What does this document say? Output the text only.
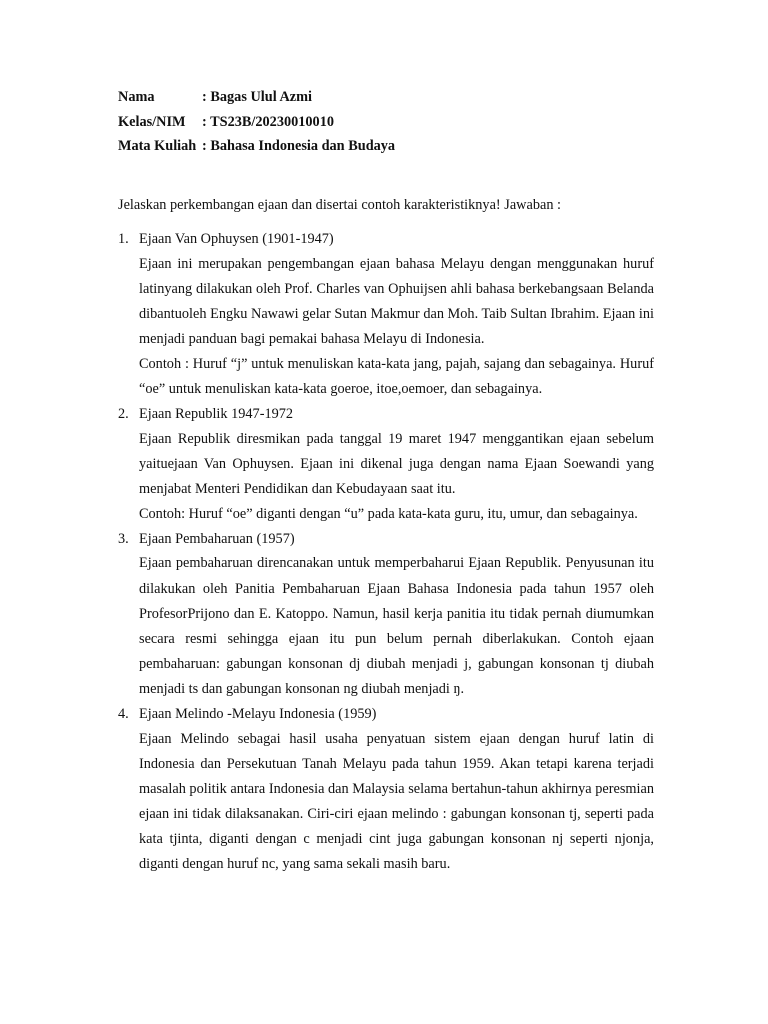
Nama	: Bagas Ulul Azmi
Kelas/NIM	: TS23B/20230010010
Mata Kuliah : Bahasa Indonesia dan Budaya
Jelaskan perkembangan ejaan dan disertai contoh karakteristiknya! Jawaban :
1. Ejaan Van Ophuysen (1901-1947)

Ejaan ini merupakan pengembangan ejaan bahasa Melayu dengan menggunakan huruf latinyang dilakukan oleh Prof. Charles van Ophuijsen ahli bahasa berkebangsaan Belanda dibantuoleh Engku Nawawi gelar Sutan Makmur dan Moh. Taib Sultan Ibrahim. Ejaan ini menjadi panduan bagi pemakai bahasa Melayu di Indonesia.

Contoh : Huruf “j” untuk menuliskan kata-kata jang, pajah, sajang dan sebagainya. Huruf “oe” untuk menuliskan kata-kata goeroe, itoe,oemoer, dan sebagainya.

2. Ejaan Republik 1947-1972

Ejaan Republik diresmikan pada tanggal 19 maret 1947 menggantikan ejaan sebelum yaituejaan Van Ophuysen. Ejaan ini dikenal juga dengan nama Ejaan Soewandi yang menjabat Menteri Pendidikan dan Kebudayaan saat itu.

Contoh: Huruf “oe” diganti dengan “u” pada kata-kata guru, itu, umur, dan sebagainya.

3. Ejaan Pembaharuan (1957)

Ejaan pembaharuan direncanakan untuk memperbaharui Ejaan Republik. Penyusunan itu dilakukan oleh Panitia Pembaharuan Ejaan Bahasa Indonesia pada tahun 1957 oleh ProfesorPrijono dan E. Katoppo. Namun, hasil kerja panitia itu tidak pernah diumumkan secara resmi sehingga ejaan itu pun belum pernah diberlakukan. Contoh ejaan pembaharuan: gabungan konsonan dj diubah menjadi j, gabungan konsonan tj diubah menjadi ts dan gabungan konsonan ng diubah menjadi ŋ.

4. Ejaan Melindo -Melayu Indonesia (1959)

Ejaan Melindo sebagai hasil usaha penyatuan sistem ejaan dengan huruf latin di Indonesia dan Persekutuan Tanah Melayu pada tahun 1959. Akan tetapi karena terjadi masalah politik antara Indonesia dan Malaysia selama bertahun-tahun akhirnya peresmian ejaan ini tidak dilaksanakan. Ciri-ciri ejaan melindo : gabungan konsonan tj, seperti pada kata tjinta, diganti dengan c menjadi cint juga gabungan konsonan nj seperti njonja, diganti dengan huruf nc, yang sama sekali masih baru.
